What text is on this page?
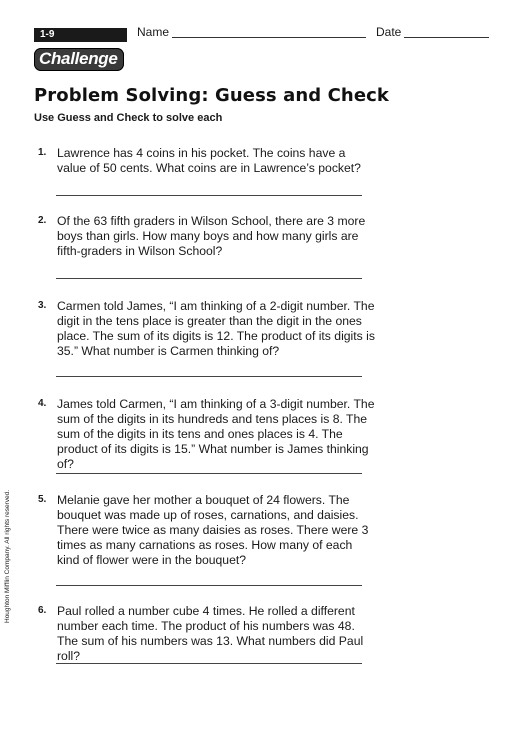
1-9	Name	Date
Challenge
Problem Solving: Guess and Check

Use Guess and Check to solve each

1. Lawrence has 4 coins in his pocket. The coins have a value of 50 cents. What coins are in Lawrence’s pocket?

2. Of the 63 fifth graders in Wilson School, there are 3 more boys than girls. How many boys and how many girls are fifth-graders in Wilson School?

3. Carmen told James, “I am thinking of a 2-digit number. The digit in the tens place is greater than the digit in the ones place. The sum of its digits is 12. The product of its digits is 35.” What number is Carmen thinking of?

4. James told Carmen, “I am thinking of a 3-digit number. The sum of the digits in its hundreds and tens places is 8. The sum of the digits in its tens and ones places is 4. The product of its digits is 15.” What number is James thinking of?

5. Melanie gave her mother a bouquet of 24 flowers. The bouquet was made up of roses, carnations, and daisies. There were twice as many daisies as roses. There were 3 times as many carnations as roses. How many of each kind of flower were in the bouquet?

6. Paul rolled a number cube 4 times. He rolled a different number each time. The product of his numbers was 48. The sum of his numbers was 13. What numbers did Paul roll?

Houghton Mifflin Company. All rights reserved.
